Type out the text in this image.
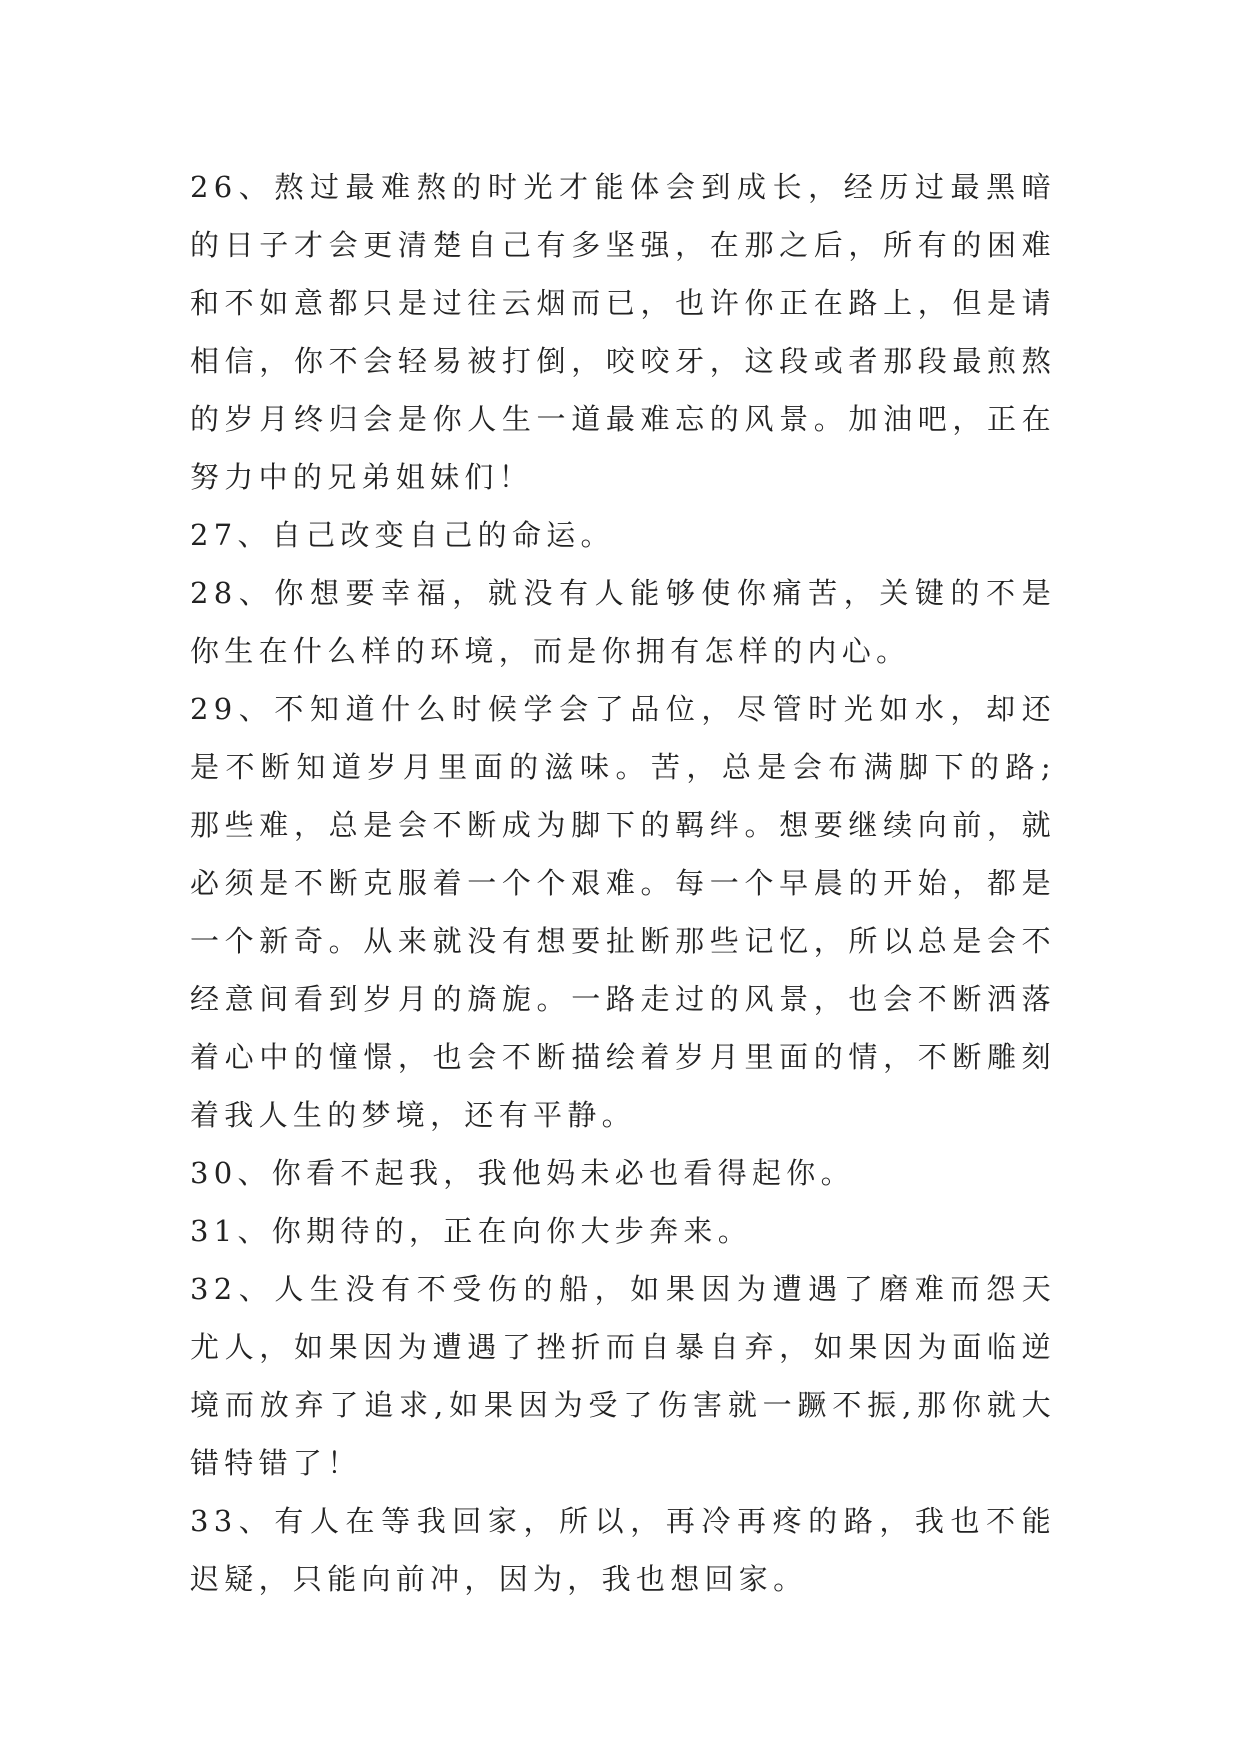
26、熬过最难熬的时光才能体会到成长，经历过最黑暗的日子才会更清楚自己有多坚强，在那之后，所有的困难和不如意都只是过往云烟而已，也许你正在路上，但是请相信，你不会轻易被打倒，咬咬牙，这段或者那段最煎熬的岁月终归会是你人生一道最难忘的风景。加油吧，正在努力中的兄弟姐妹们！

27、自己改变自己的命运。

28、你想要幸福，就没有人能够使你痛苦，关键的不是你生在什么样的环境，而是你拥有怎样的内心。

29、不知道什么时候学会了品位，尽管时光如水，却还是不断知道岁月里面的滋味。苦，总是会布满脚下的路;那些难，总是会不断成为脚下的羁绊。想要继续向前，就必须是不断克服着一个个艰难。每一个早晨的开始，都是一个新奇。从来就没有想要扯断那些记忆，所以总是会不经意间看到岁月的旖旎。一路走过的风景，也会不断洒落着心中的憧憬，也会不断描绘着岁月里面的情，不断雕刻着我人生的梦境，还有平静。

30、你看不起我，我他妈未必也看得起你。

31、你期待的，正在向你大步奔来。

32、人生没有不受伤的船，如果因为遭遇了磨难而怨天尤人，如果因为遭遇了挫折而自暴自弃，如果因为面临逆境而放弃了追求,如果因为受了伤害就一蹶不振,那你就大错特错了！

33、有人在等我回家，所以，再冷再疼的路，我也不能迟疑，只能向前冲，因为，我也想回家。
